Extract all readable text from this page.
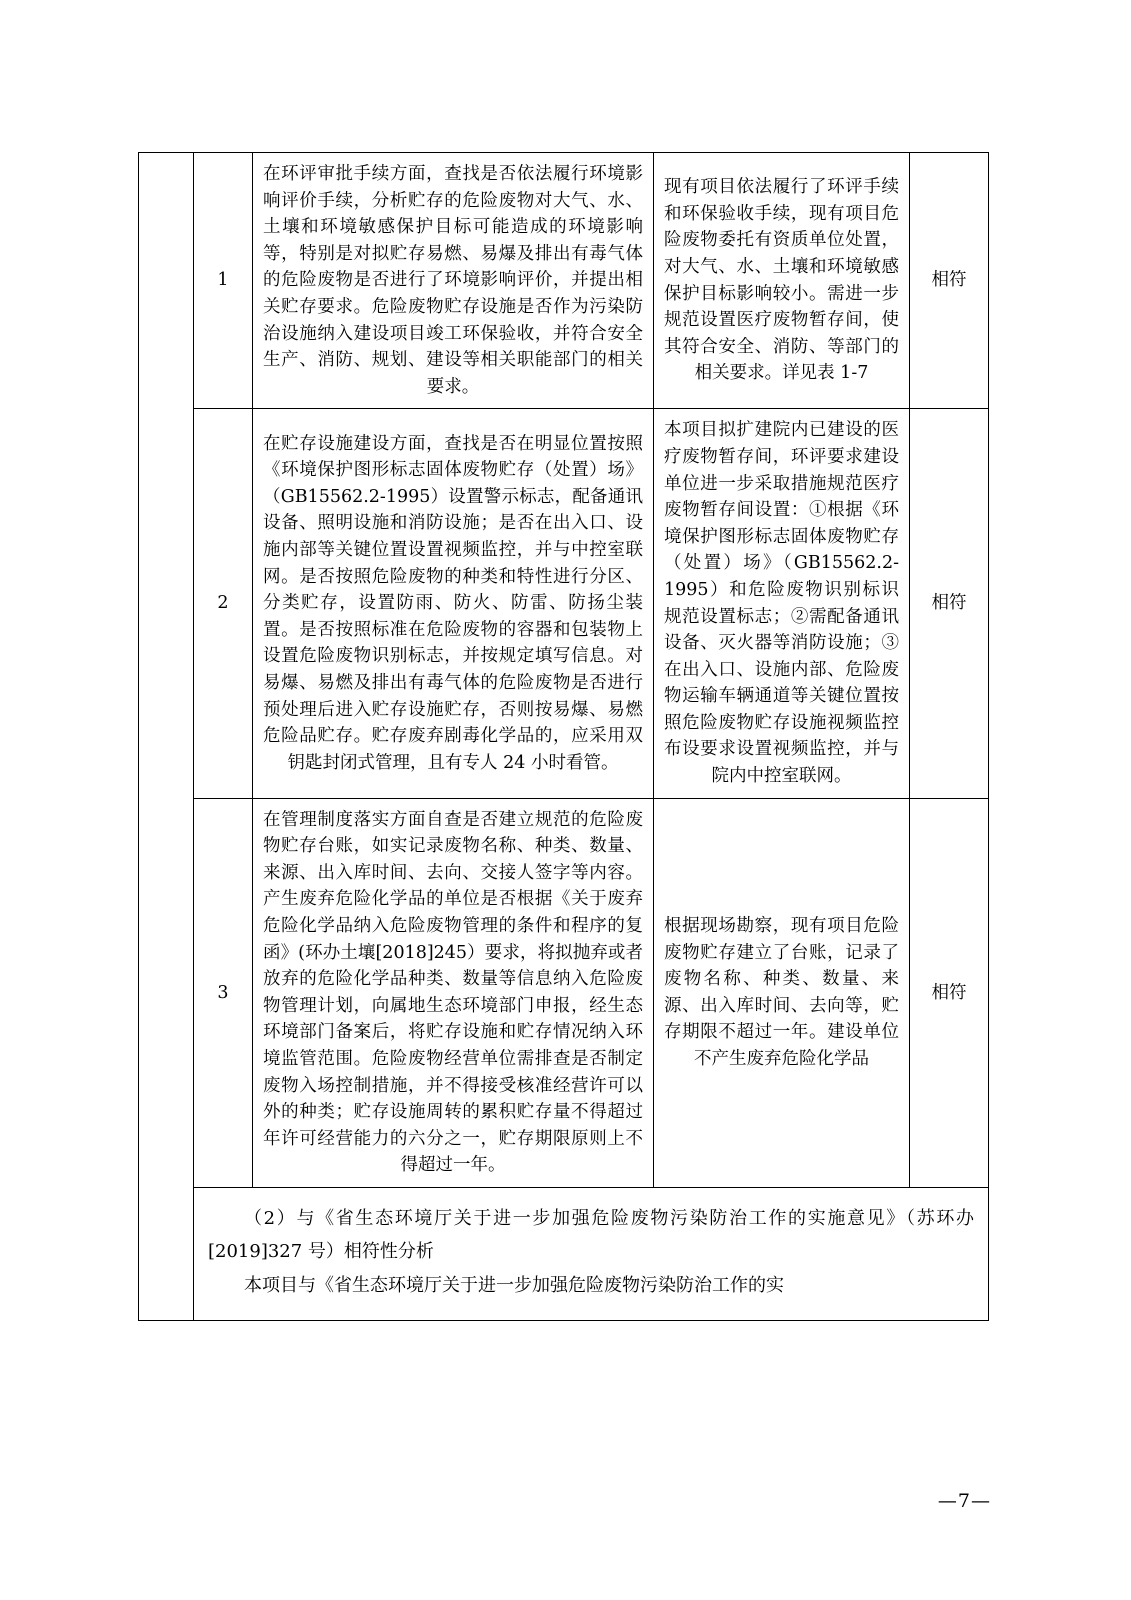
	1	在环评审批手续方面，查找是否依法履行环境影响评价手续，分析贮存的危险废物对大气、水、土壤和环境敏感保护目标可能造成的环境影响等，特别是对拟贮存易燃、易爆及排出有毒气体的危险废物是否进行了环境影响评价，并提出相关贮存要求。危险废物贮存设施是否作为污染防治设施纳入建设项目竣工环保验收，并符合安全生产、消防、规划、建设等相关职能部门的相关要求。	现有项目依法履行了环评手续和环保验收手续，现有项目危险废物委托有资质单位处置，对大气、水、土壤和环境敏感保护目标影响较小。需进一步规范设置医疗废物暂存间，使其符合安全、消防、等部门的相关要求。详见表 1-7	相符

	2	在贮存设施建设方面，查找是否在明显位置按照《环境保护图形标志固体废物贮存（处置）场》（GB15562.2-1995）设置警示标志，配备通讯设备、照明设施和消防设施；是否在出入口、设施内部等关键位置设置视频监控，并与中控室联网。是否按照危险废物的种类和特性进行分区、分类贮存，设置防雨、防火、防雷、防扬尘装置。是否按照标准在危险废物的容器和包装物上设置危险废物识别标志，并按规定填写信息。对易爆、易燃及排出有毒气体的危险废物是否进行预处理后进入贮存设施贮存，否则按易爆、易燃危险品贮存。贮存废弃剧毒化学品的，应采用双钥匙封闭式管理，且有专人 24 小时看管。	本项目拟扩建院内已建设的医疗废物暂存间，环评要求建设单位进一步采取措施规范医疗废物暂存间设置：①根据《环境保护图形标志固体废物贮存（处置）场》（GB15562.2-1995）和危险废物识别标识规范设置标志；②需配备通讯设备、灭火器等消防设施；③在出入口、设施内部、危险废物运输车辆通道等关键位置按照危险废物贮存设施视频监控布设要求设置视频监控，并与院内中控室联网。	相符

	3	在管理制度落实方面自查是否建立规范的危险废物贮存台账，如实记录废物名称、种类、数量、来源、出入库时间、去向、交接人签字等内容。产生废弃危险化学品的单位是否根据《关于废弃危险化学品纳入危险废物管理的条件和程序的复函》(环办土壤[2018]245）要求，将拟抛弃或者放弃的危险化学品种类、数量等信息纳入危险废物管理计划，向属地生态环境部门申报，经生态环境部门备案后，将贮存设施和贮存情况纳入环境监管范围。危险废物经营单位需排查是否制定废物入场控制措施，并不得接受核准经营许可以外的种类；贮存设施周转的累积贮存量不得超过年许可经营能力的六分之一，贮存期限原则上不得超过一年。	根据现场勘察，现有项目危险废物贮存建立了台账，记录了废物名称、种类、数量、来源、出入库时间、去向等，贮存期限不超过一年。建设单位不产生废弃危险化学品	相符

	（2）与《省生态环境厅关于进一步加强危险废物污染防治工作的实施意见》（苏环办[2019]327 号）相符性分析
本项目与《省生态环境厅关于进一步加强危险废物污染防治工作的实			
—7—
